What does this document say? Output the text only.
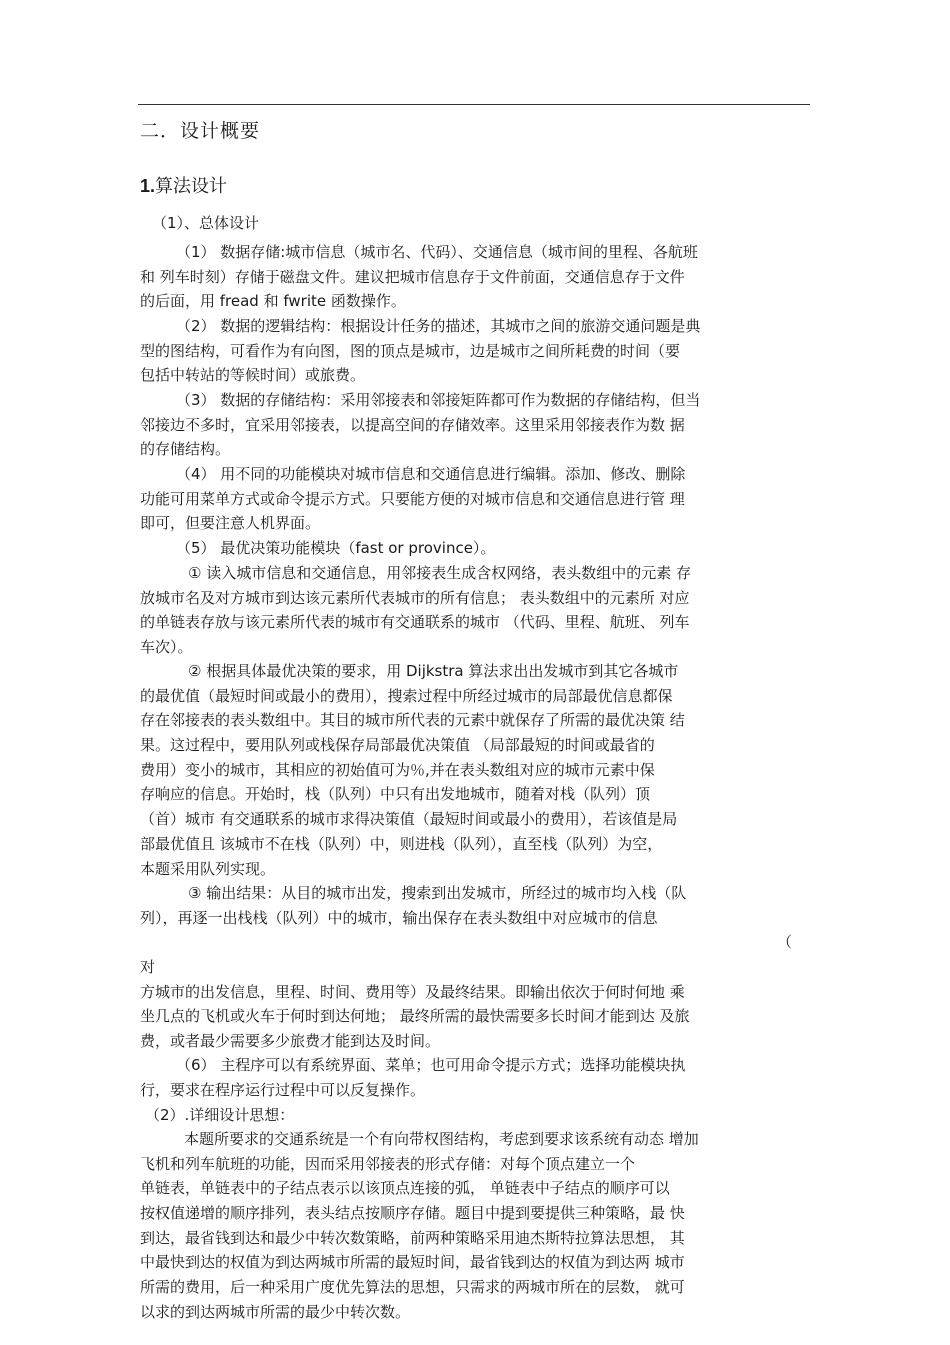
二．设计概要
1.算法设计
（1）、总体设计
（1） 数据存储:城市信息（城市名、代码）、交通信息（城市间的里程、各航班
和 列车时刻）存储于磁盘文件。建议把城市信息存于文件前面，交通信息存于文件
的后面，用 fread 和 fwrite 函数操作。
（2） 数据的逻辑结构：根据设计任务的描述，其城市之间的旅游交通问题是典
型的图结构，可看作为有向图，图的顶点是城市，边是城市之间所耗费的时间（要
包括中转站的等候时间）或旅费。
（3） 数据的存储结构：采用邻接表和邻接矩阵都可作为数据的存储结构，但当
邻接边不多时，宜采用邻接表，以提高空间的存储效率。这里采用邻接表作为数 据
的存储结构。
（4） 用不同的功能模块对城市信息和交通信息进行编辑。添加、修改、删除
功能可用菜单方式或命令提示方式。只要能方便的对城市信息和交通信息进行管 理
即可，但要注意人机界面。
（5） 最优决策功能模块（fast or province）。
① 读入城市信息和交通信息，用邻接表生成含权网络，表头数组中的元素 存
放城市名及对方城市到达该元素所代表城市的所有信息； 表头数组中的元素所 对应
的单链表存放与该元素所代表的城市有交通联系的城市 （代码、里程、航班、 列车
车次）。
② 根据具体最优决策的要求，用 Dijkstra 算法求出出发城市到其它各城市
的最优值（最短时间或最小的费用），搜索过程中所经过城市的局部最优信息都保
存在邻接表的表头数组中。其目的城市所代表的元素中就保存了所需的最优决策 结
果。这过程中，要用队列或栈保存局部最优决策值 （局部最短的时间或最省的
费用）变小的城市，其相应的初始值可为％,并在表头数组对应的城市元素中保
存响应的信息。开始时，栈（队列）中只有出发地城市，随着对栈（队列）顶
（首）城市 有交通联系的城市求得决策值（最短时间或最小的费用），若该值是局
部最优值且 该城市不在栈（队列）中，则进栈（队列），直至栈（队列）为空，
本题采用队列实现。
③ 输出结果：从目的城市出发，搜索到出发城市，所经过的城市均入栈（队
列），再逐一出栈栈（队列）中的城市，输出保存在表头数组中对应城市的信息
（
对
方城市的出发信息，里程、时间、费用等）及最终结果。即输出依次于何时何地 乘
坐几点的飞机或火车于何时到达何地； 最终所需的最快需要多长时间才能到达 及旅
费，或者最少需要多少旅费才能到达及时间。
（6） 主程序可以有系统界面、菜单；也可用命令提示方式；选择功能模块执
行，要求在程序运行过程中可以反复操作。
（2）.详细设计思想：
本题所要求的交通系统是一个有向带权图结构，考虑到要求该系统有动态 增加
飞机和列车航班的功能，因而采用邻接表的形式存储：对每个顶点建立一个
单链表，单链表中的子结点表示以该顶点连接的弧， 单链表中子结点的顺序可以
按权值递增的顺序排列，表头结点按顺序存储。题目中提到要提供三种策略，最 快
到达，最省钱到达和最少中转次数策略，前两种策略采用迪杰斯特拉算法思想， 其
中最快到达的权值为到达两城市所需的最短时间，最省钱到达的权值为到达两 城市
所需的费用，后一种采用广度优先算法的思想，只需求的两城市所在的层数， 就可
以求的到达两城市所需的最少中转次数。
